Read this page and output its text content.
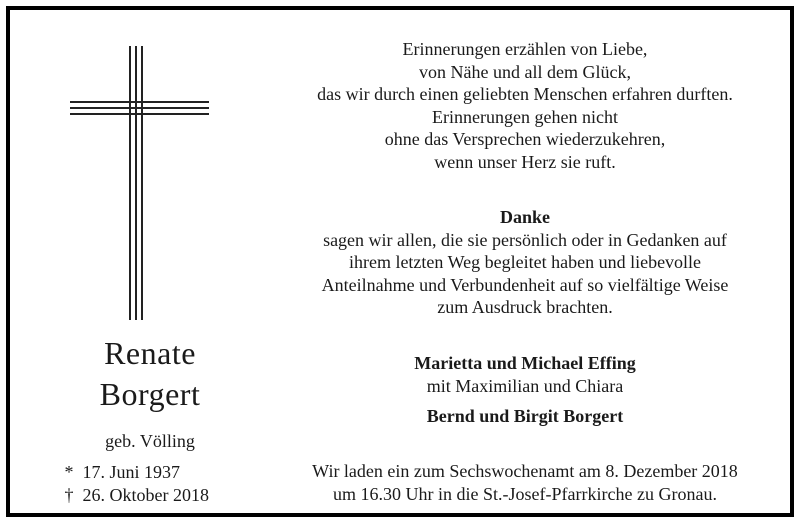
Renate
Borgert
geb. Völling
* 17. Juni 1937
† 26. Oktober 2018
Erinnerungen erzählen von Liebe,
von Nähe und all dem Glück,
das wir durch einen geliebten Menschen erfahren durften.
Erinnerungen gehen nicht
ohne das Versprechen wiederzukehren,
wenn unser Herz sie ruft.
Danke
sagen wir allen, die sie persönlich oder in Gedanken auf
ihrem letzten Weg begleitet haben und liebevolle
Anteilnahme und Verbundenheit auf so vielfältige Weise
zum Ausdruck brachten.
Marietta und Michael Effing
mit Maximilian und Chiara
Bernd und Birgit Borgert
Wir laden ein zum Sechswochenamt am 8. Dezember 2018
um 16.30 Uhr in die St.-Josef-Pfarrkirche zu Gronau.
